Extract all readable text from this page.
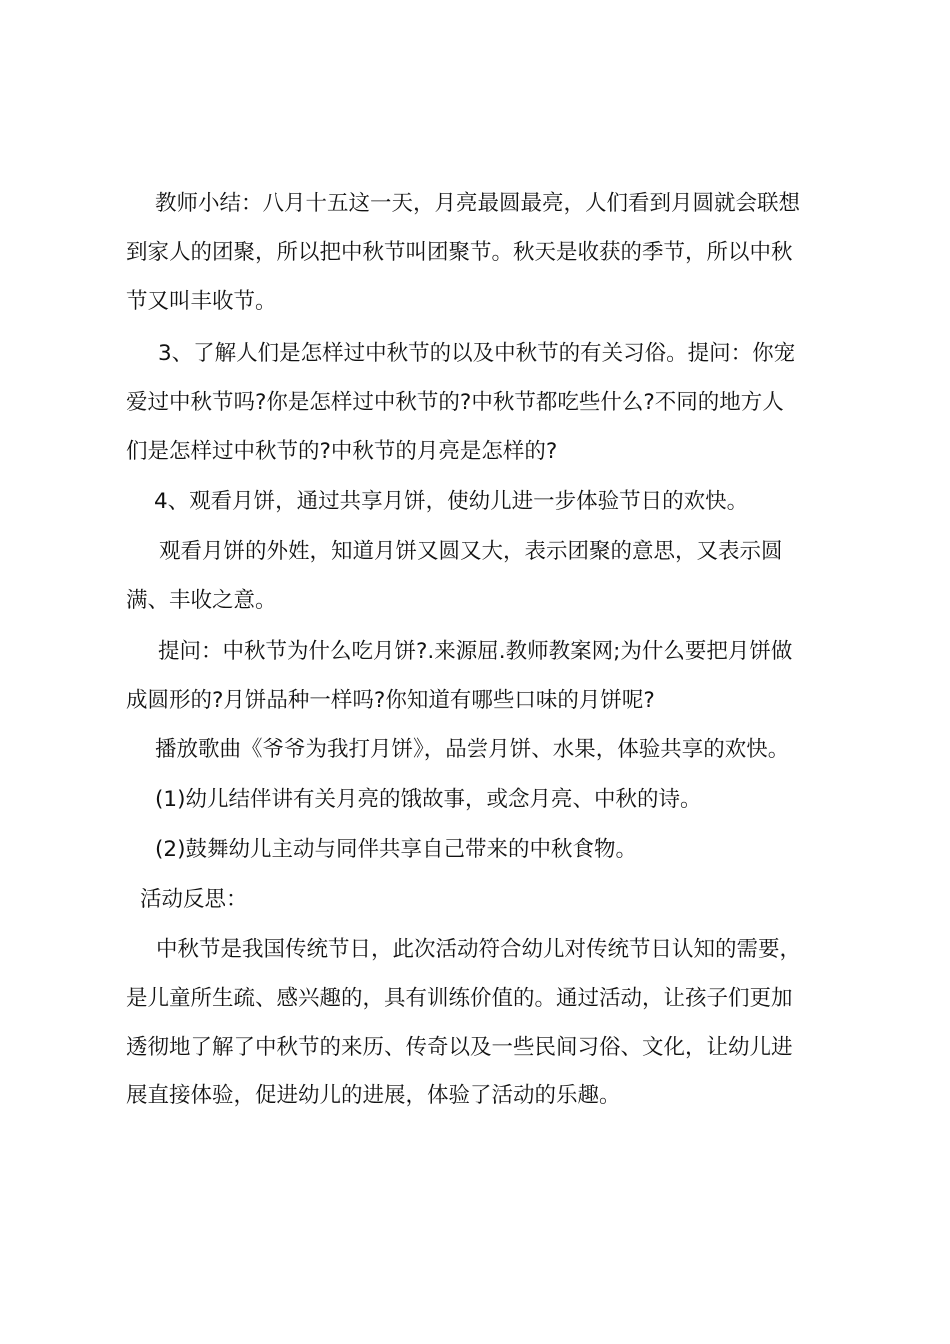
教师小结：八月十五这一天，月亮最圆最亮，人们看到月圆就会联想
到家人的团聚，所以把中秋节叫团聚节。秋天是收获的季节，所以中秋
节又叫丰收节。

3、了解人们是怎样过中秋节的以及中秋节的有关习俗。提问：你宠
爱过中秋节吗?你是怎样过中秋节的?中秋节都吃些什么?不同的地方人
们是怎样过中秋节的?中秋节的月亮是怎样的?

4、观看月饼，通过共享月饼，使幼儿进一步体验节日的欢快。

观看月饼的外姓，知道月饼又圆又大，表示团聚的意思，又表示圆
满、丰收之意。

提问：中秋节为什么吃月饼?.来源屈.教师教案网;为什么要把月饼做
成圆形的?月饼品种一样吗?你知道有哪些口味的月饼呢?

播放歌曲《爷爷为我打月饼》，品尝月饼、水果，体验共享的欢快。

(1)幼儿结伴讲有关月亮的饿故事，或念月亮、中秋的诗。

(2)鼓舞幼儿主动与同伴共享自己带来的中秋食物。

活动反思：

中秋节是我国传统节日，此次活动符合幼儿对传统节日认知的需要，
是儿童所生疏、感兴趣的，具有训练价值的。通过活动，让孩子们更加
透彻地了解了中秋节的来历、传奇以及一些民间习俗、文化，让幼儿进
展直接体验，促进幼儿的进展，体验了活动的乐趣。
